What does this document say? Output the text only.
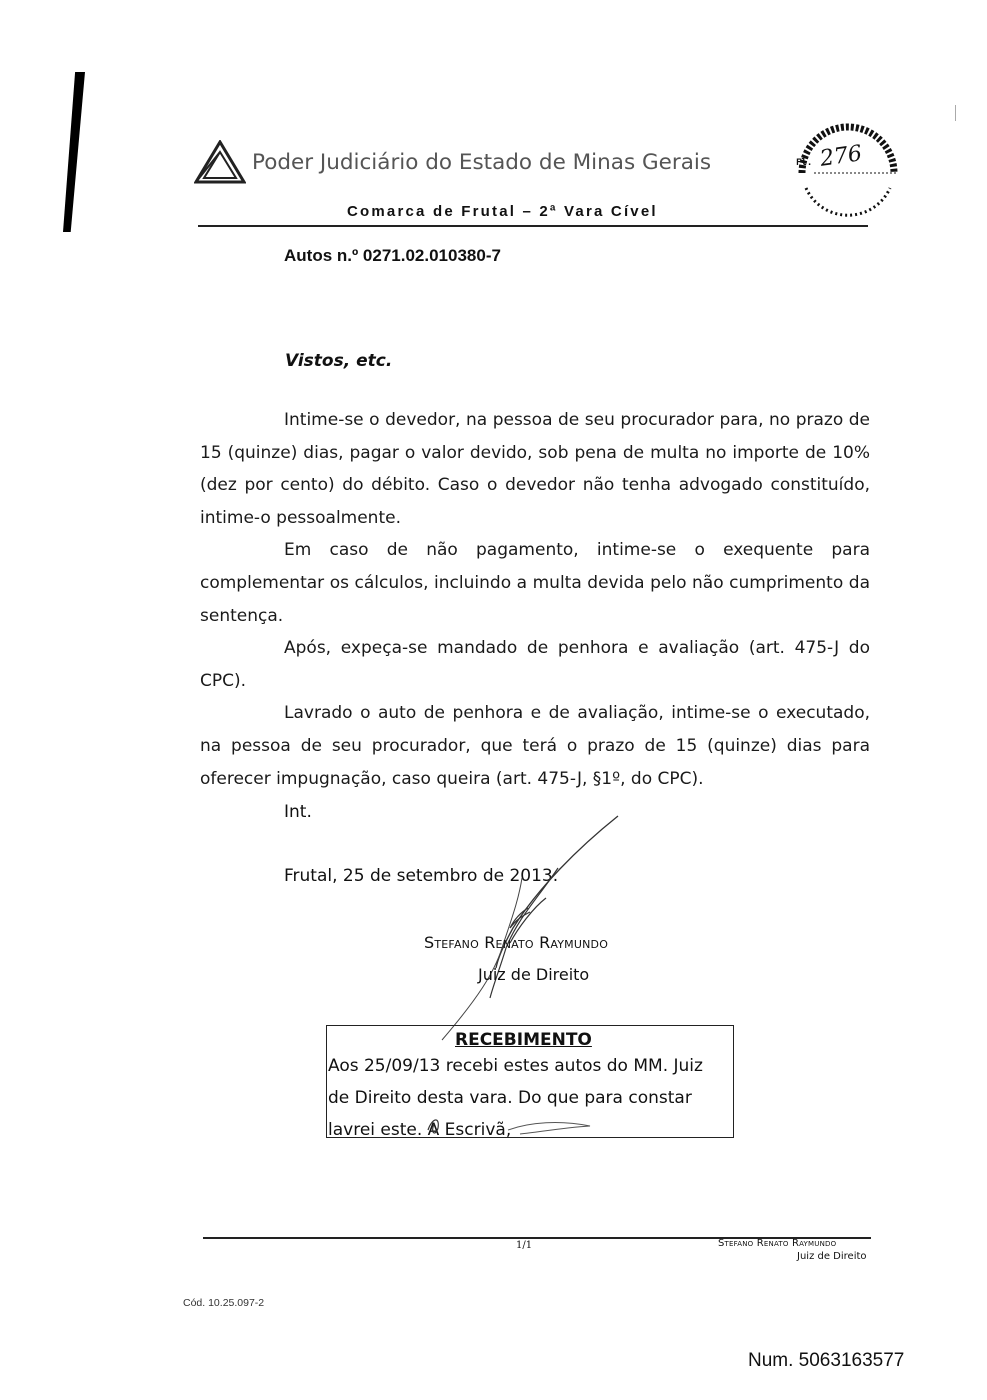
Poder Judiciário do Estado de Minas Gerais
Comarca de Frutal – 2ª Vara Cível
Fl. 276
Autos n.º 0271.02.010380-7
Vistos, etc.

Intime-se o devedor, na pessoa de seu procurador para, no prazo de 15 (quinze) dias, pagar o valor devido, sob pena de multa no importe de 10% (dez por cento) do débito. Caso o devedor não tenha advogado constituído, intime-o pessoalmente.

Em caso de não pagamento, intime-se o exequente para complementar os cálculos, incluindo a multa devida pelo não cumprimento da sentença.

Após, expeça-se mandado de penhora e avaliação (art. 475-J do CPC).

Lavrado o auto de penhora e de avaliação, intime-se o executado, na pessoa de seu procurador, que terá o prazo de 15 (quinze) dias para oferecer impugnação, caso queira (art. 475-J, §1º, do CPC).

Int.
Frutal, 25 de setembro de 2013.
Stefano Renato Raymundo
Juiz de Direito
RECEBIMENTO

Aos 25/09/13 recebi estes autos do MM. Juiz

de Direito desta vara. Do que para constar

lavrei este. A Escrivã,

1/1	Stefano Renato Raymundo
Juiz de Direito
Cód. 10.25.097-2
Num. 5063163577
